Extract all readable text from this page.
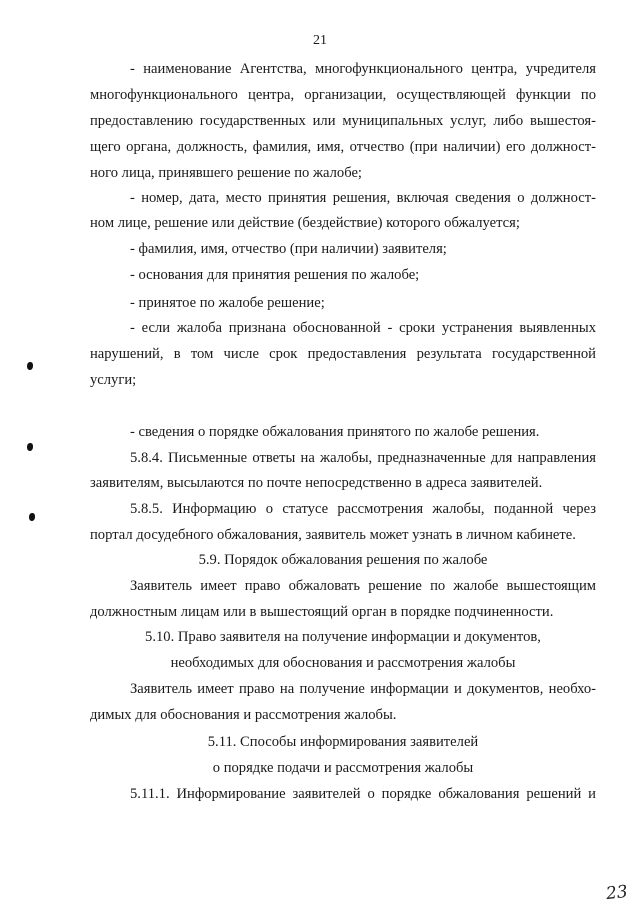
21
- наименование Агентства, многофункционального центра, учредителя
многофункционального центра, организации, осуществляющей функции по
предоставлению государственных или муниципальных услуг, либо вышестоя-
щего органа, должность, фамилия, имя, отчество (при наличии) его должност-
ного лица, принявшего решение по жалобе;
- номер, дата, место принятия решения, включая сведения о должност-
ном лице, решение или действие (бездействие) которого обжалуется;
- фамилия, имя, отчество (при наличии) заявителя;
- основания для принятия решения по жалобе;
- принятое по жалобе решение;
- если жалоба признана обоснованной - сроки устранения выявленных
нарушений, в том числе срок предоставления результата государственной
услуги;
- сведения о порядке обжалования принятого по жалобе решения.
5.8.4. Письменные ответы на жалобы, предназначенные для направления
заявителям, высылаются по почте непосредственно в адреса заявителей.
5.8.5. Информацию о статусе рассмотрения жалобы, поданной через
портал досудебного обжалования, заявитель может узнать в личном кабинете.
5.9. Порядок обжалования решения по жалобе
Заявитель имеет право обжаловать решение по жалобе вышестоящим
должностным лицам или в вышестоящий орган в порядке подчиненности.
5.10. Право заявителя на получение информации и документов,
необходимых для обоснования и рассмотрения жалобы
Заявитель имеет право на получение информации и документов, необхо-
димых для обоснования и рассмотрения жалобы.
5.11. Способы информирования заявителей
о порядке подачи и рассмотрения жалобы
5.11.1. Информирование заявителей о порядке обжалования решений и
23
